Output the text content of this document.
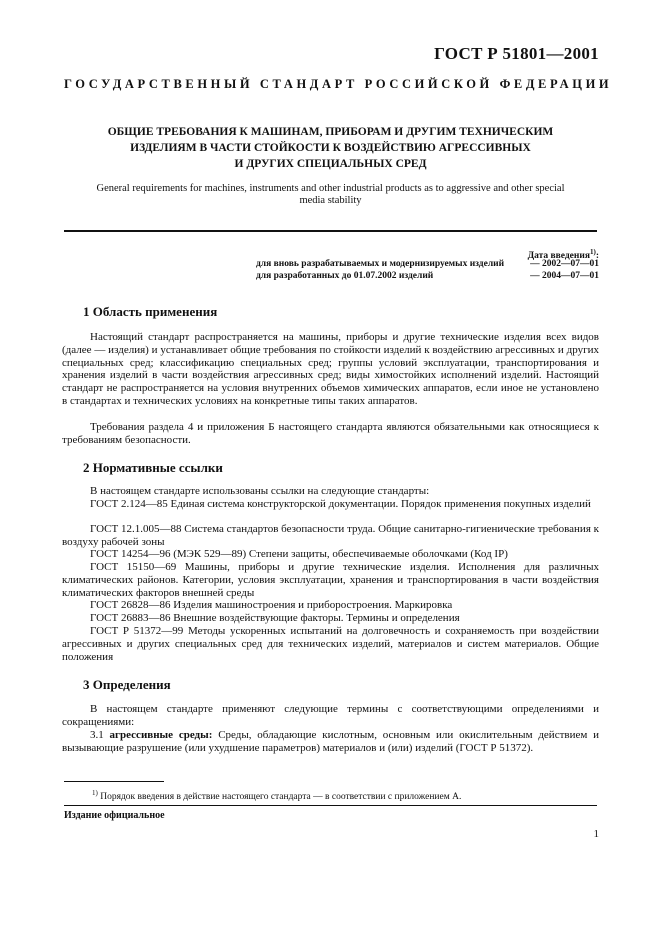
ГОСТ Р 51801—2001
ГОСУДАРСТВЕННЫЙ СТАНДАРТ РОССИЙСКОЙ ФЕДЕРАЦИИ
ОБЩИЕ ТРЕБОВАНИЯ К МАШИНАМ, ПРИБОРАМ И ДРУГИМ ТЕХНИЧЕСКИМ
ИЗДЕЛИЯМ В ЧАСТИ СТОЙКОСТИ К ВОЗДЕЙСТВИЮ АГРЕССИВНЫХ
И ДРУГИХ СПЕЦИАЛЬНЫХ СРЕД
General requirements for machines, instruments and other industrial products as to aggressive and other special
media stability
Дата введения$^{1)}$:
для вновь разрабатываемых и модернизируемых изделий	— 2002—07—01
для разработанных до 01.07.2002 изделий	— 2004—07—01
1 Область применения
Настоящий стандарт распространяется на машины, приборы и другие технические изделия всех видов (далее — изделия) и устанавливает общие требования по стойкости изделий к воздействию агрессивных и других специальных сред; классификацию специальных сред; группы условий эксплуатации, транспортирования и хранения изделий в части воздействия агрессивных сред; виды химостойких исполнений изделий. Настоящий стандарт не распространяется на условия внутренних объемов химических аппаратов, если иное не установлено в стандартах и технических условиях на конкретные типы таких аппаратов.
Требования раздела 4 и приложения Б настоящего стандарта являются обязательными как относящиеся к требованиям безопасности.
2 Нормативные ссылки
В настоящем стандарте использованы ссылки на следующие стандарты:
ГОСТ 2.124—85 Единая система конструкторской документации. Порядок применения покупных изделий
ГОСТ 12.1.005—88 Система стандартов безопасности труда. Общие санитарно-гигиенические требования к воздуху рабочей зоны
ГОСТ 14254—96 (МЭК 529—89) Степени защиты, обеспечиваемые оболочками (Код IP)
ГОСТ 15150—69 Машины, приборы и другие технические изделия. Исполнения для различных климатических районов. Категории, условия эксплуатации, хранения и транспортирования в части воздействия климатических факторов внешней среды
ГОСТ 26828—86 Изделия машиностроения и приборостроения. Маркировка
ГОСТ 26883—86 Внешние воздействующие факторы. Термины и определения
ГОСТ Р 51372—99 Методы ускоренных испытаний на долговечность и сохраняемость при воздействии агрессивных и других специальных сред для технических изделий, материалов и систем материалов. Общие положения
3 Определения
В настоящем стандарте применяют следующие термины с соответствующими определениями и сокращениями:
3.1 агрессивные среды: Среды, обладающие кислотным, основным или окислительным действием и вызывающие разрушение (или ухудшение параметров) материалов и (или) изделий (ГОСТ Р 51372).
$^{1)}$ Порядок введения в действие настоящего стандарта — в соответствии с приложением А.
Издание официальное
1
